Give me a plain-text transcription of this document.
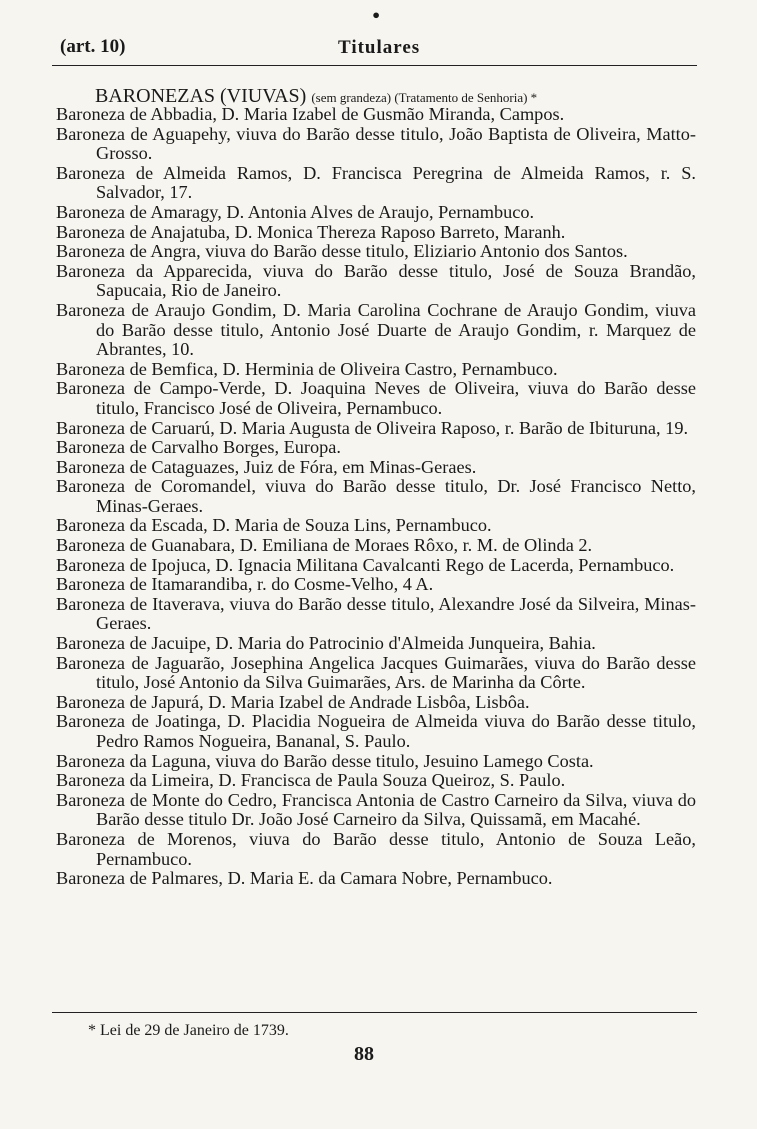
•
(art. 10)	Titulares
BARONEZAS (VIUVAS) (sem grandeza) (Tratamento de Senhoria) *

Baroneza de Abbadia, D. Maria Izabel de Gusmão Miranda, Campos.

Baroneza de Aguapehy, viuva do Barão desse titulo, João Baptista de Oliveira, Matto-Grosso.

Baroneza de Almeida Ramos, D. Francisca Peregrina de Almeida Ramos, r. S. Salvador, 17.

Baroneza de Amaragy, D. Antonia Alves de Araujo, Pernambuco.

Baroneza de Anajatuba, D. Monica Thereza Raposo Barreto, Maranh.

Baroneza de Angra, viuva do Barão desse titulo, Eliziario Antonio dos Santos.

Baroneza da Apparecida, viuva do Barão desse titulo, José de Souza Brandão, Sapucaia, Rio de Janeiro.

Baroneza de Araujo Gondim, D. Maria Carolina Cochrane de Araujo Gondim, viuva do Barão desse titulo, Antonio José Duarte de Araujo Gondim, r. Marquez de Abrantes, 10.

Baroneza de Bemfica, D. Herminia de Oliveira Castro, Pernambuco.

Baroneza de Campo-Verde, D. Joaquina Neves de Oliveira, viuva do Barão desse titulo, Francisco José de Oliveira, Pernambuco.

Baroneza de Caruarú, D. Maria Augusta de Oliveira Raposo, r. Barão de Ibituruna, 19.

Baroneza de Carvalho Borges, Europa.

Baroneza de Cataguazes, Juiz de Fóra, em Minas-Geraes.

Baroneza de Coromandel, viuva do Barão desse titulo, Dr. José Francisco Netto, Minas-Geraes.

Baroneza da Escada, D. Maria de Souza Lins, Pernambuco.

Baroneza de Guanabara, D. Emiliana de Moraes Rôxo, r. M. de Olinda 2.

Baroneza de Ipojuca, D. Ignacia Militana Cavalcanti Rego de Lacerda, Pernambuco.

Baroneza de Itamarandiba, r. do Cosme-Velho, 4 A.

Baroneza de Itaverava, viuva do Barão desse titulo, Alexandre José da Silveira, Minas-Geraes.

Baroneza de Jacuipe, D. Maria do Patrocinio d'Almeida Junqueira, Bahia.

Baroneza de Jaguarão, Josephina Angelica Jacques Guimarães, viuva do Barão desse titulo, José Antonio da Silva Guimarães, Ars. de Marinha da Côrte.

Baroneza de Japurá, D. Maria Izabel de Andrade Lisbôa, Lisbôa.

Baroneza de Joatinga, D. Placidia Nogueira de Almeida viuva do Barão desse titulo, Pedro Ramos Nogueira, Bananal, S. Paulo.

Baroneza da Laguna, viuva do Barão desse titulo, Jesuino Lamego Costa.

Baroneza da Limeira, D. Francisca de Paula Souza Queiroz, S. Paulo.

Baroneza de Monte do Cedro, Francisca Antonia de Castro Carneiro da Silva, viuva do Barão desse titulo Dr. João José Carneiro da Silva, Quissamã, em Macahé.

Baroneza de Morenos, viuva do Barão desse titulo, Antonio de Souza Leão, Pernambuco.

Baroneza de Palmares, D. Maria E. da Camara Nobre, Pernambuco.

* Lei de 29 de Janeiro de 1739.
88
